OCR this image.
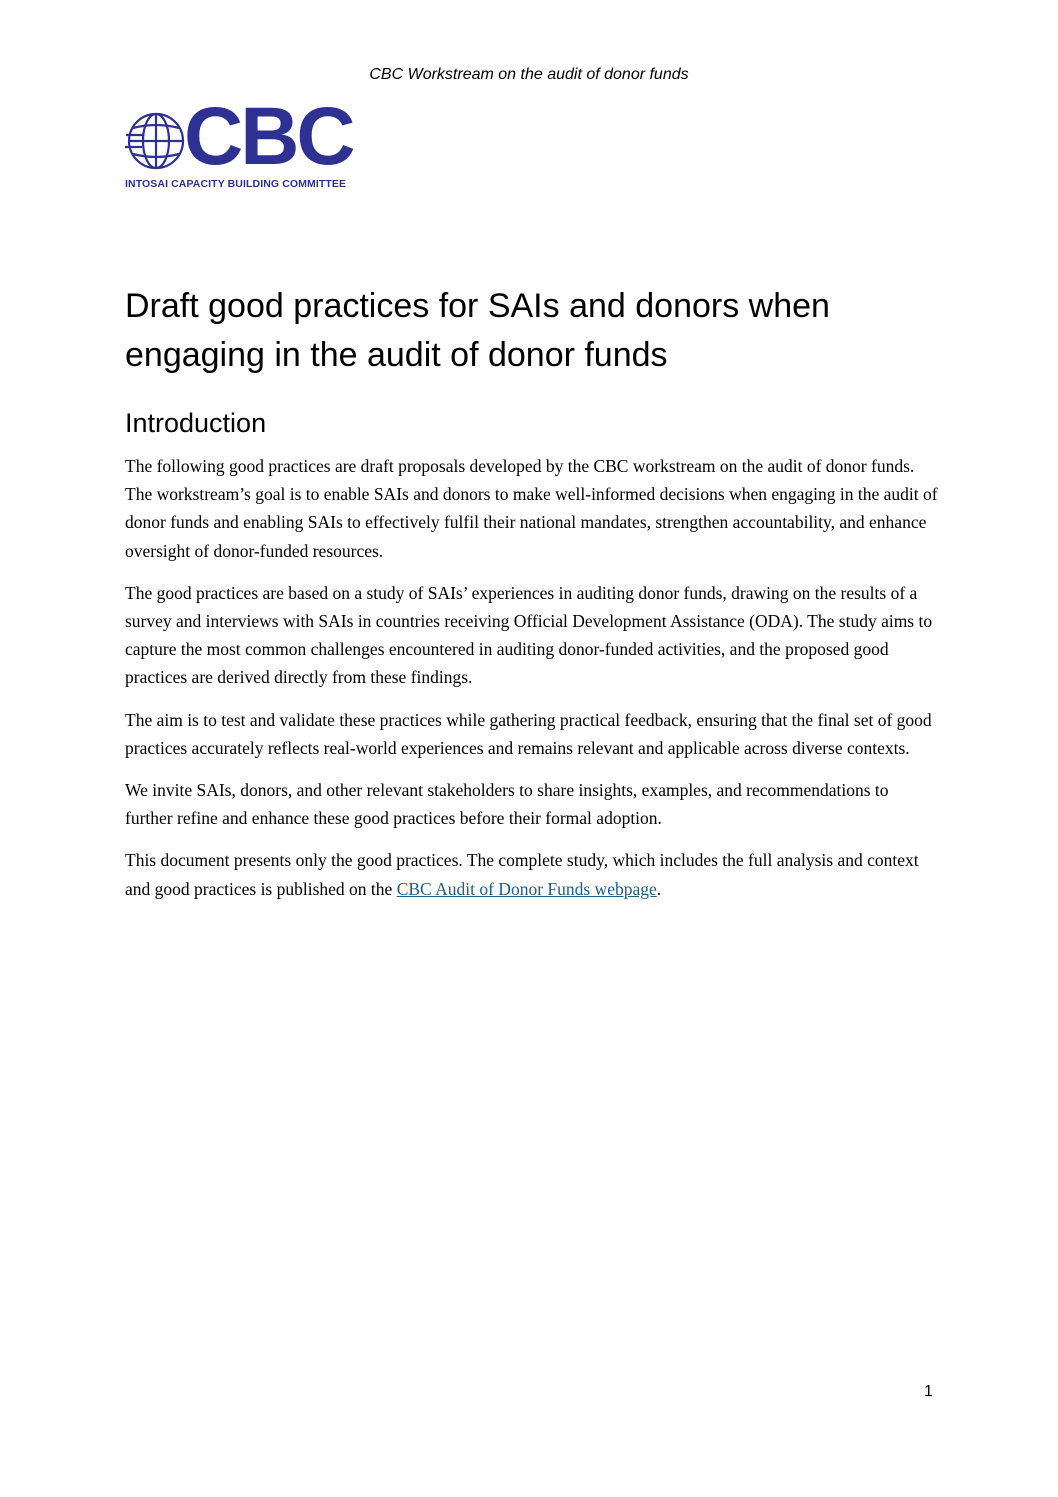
CBC Workstream on the audit of donor funds
CBC
INTOSAI CAPACITY BUILDING COMMITTEE
Draft good practices for SAIs and donors when engaging in the audit of donor funds
Introduction

The following good practices are draft proposals developed by the CBC workstream on the audit of donor funds. The workstream’s goal is to enable SAIs and donors to make well-informed decisions when engaging in the audit of donor funds and enabling SAIs to effectively fulfil their national mandates, strengthen accountability, and enhance oversight of donor-funded resources.

The good practices are based on a study of SAIs’ experiences in auditing donor funds, drawing on the results of a survey and interviews with SAIs in countries receiving Official Development Assistance (ODA). The study aims to capture the most common challenges encountered in auditing donor-funded activities, and the proposed good practices are derived directly from these findings.

The aim is to test and validate these practices while gathering practical feedback, ensuring that the final set of good practices accurately reflects real-world experiences and remains relevant and applicable across diverse contexts.

We invite SAIs, donors, and other relevant stakeholders to share insights, examples, and recommendations to further refine and enhance these good practices before their formal adoption.

This document presents only the good practices. The complete study, which includes the full analysis and context and good practices is published on the CBC Audit of Donor Funds webpage.

1
